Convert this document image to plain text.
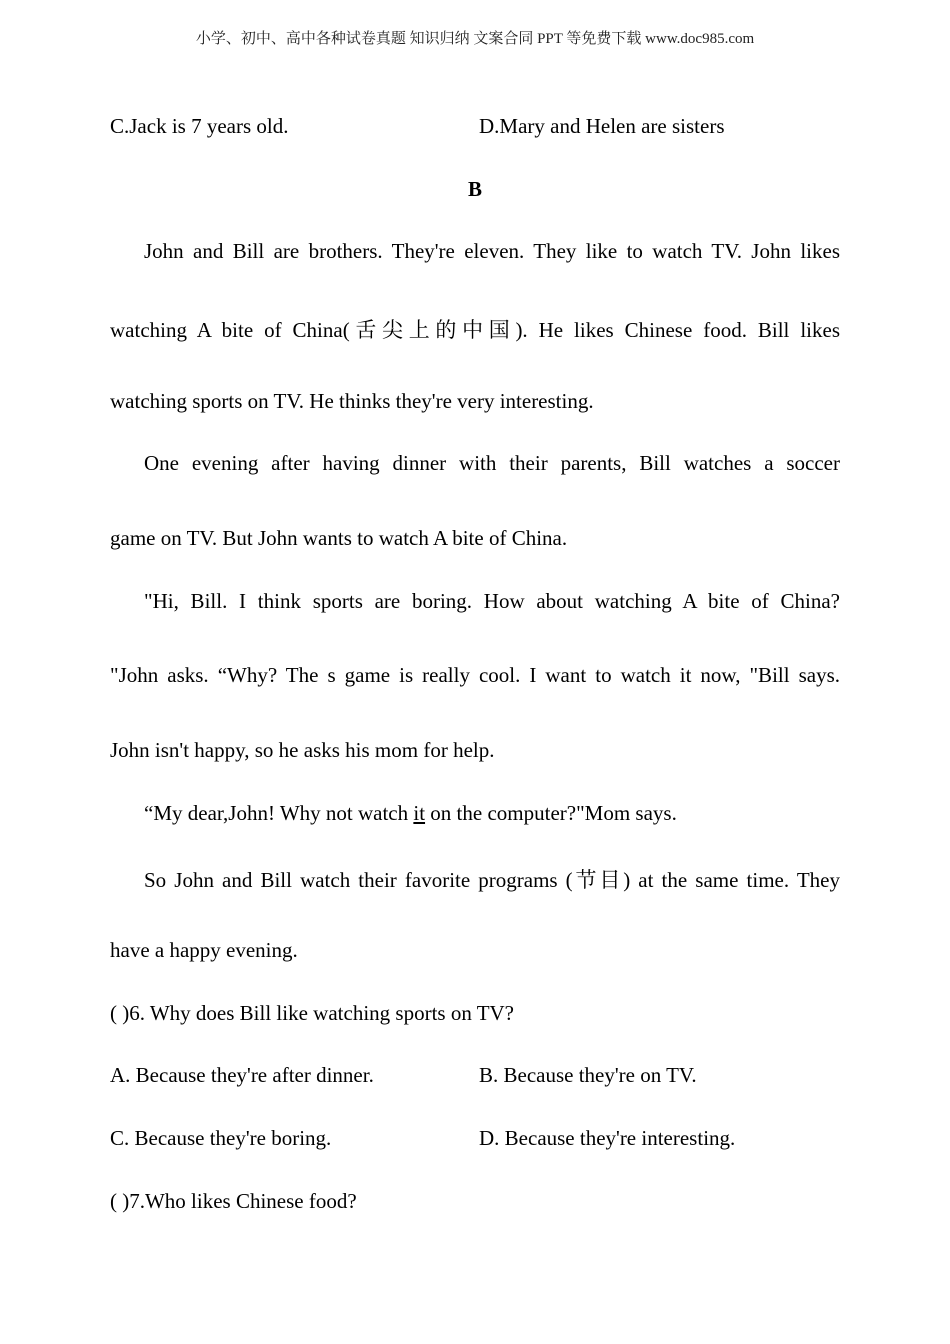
小学、初中、高中各种试卷真题 知识归纳 文案合同 PPT 等免费下载 www.doc985.com
C.Jack is 7 years old.	D.Mary and Helen are sisters
B
John and Bill are brothers. They're eleven. They like to watch TV. John likes
watching A bite of China(舌尖上的中国). He likes Chinese food. Bill likes
watching sports on TV. He thinks they're very interesting.
One evening after having dinner with their parents, Bill watches a soccer
game on TV. But John wants to watch A bite of China.
"Hi, Bill. I think sports are boring. How about watching A bite of China?
"John asks. “Why? The s game is really cool. I want to watch it now, "Bill says.
John isn't happy, so he asks his mom for help.
“My dear,John! Why not watch it on the computer?"Mom says.
So John and Bill watch their favorite programs (节目) at the same time. They
have a happy evening.
( )6. Why does Bill like watching sports on TV?
A. Because they're after dinner.	B. Because they're on TV.
C. Because they're boring.	D. Because they're interesting.
( )7.Who likes Chinese food?
